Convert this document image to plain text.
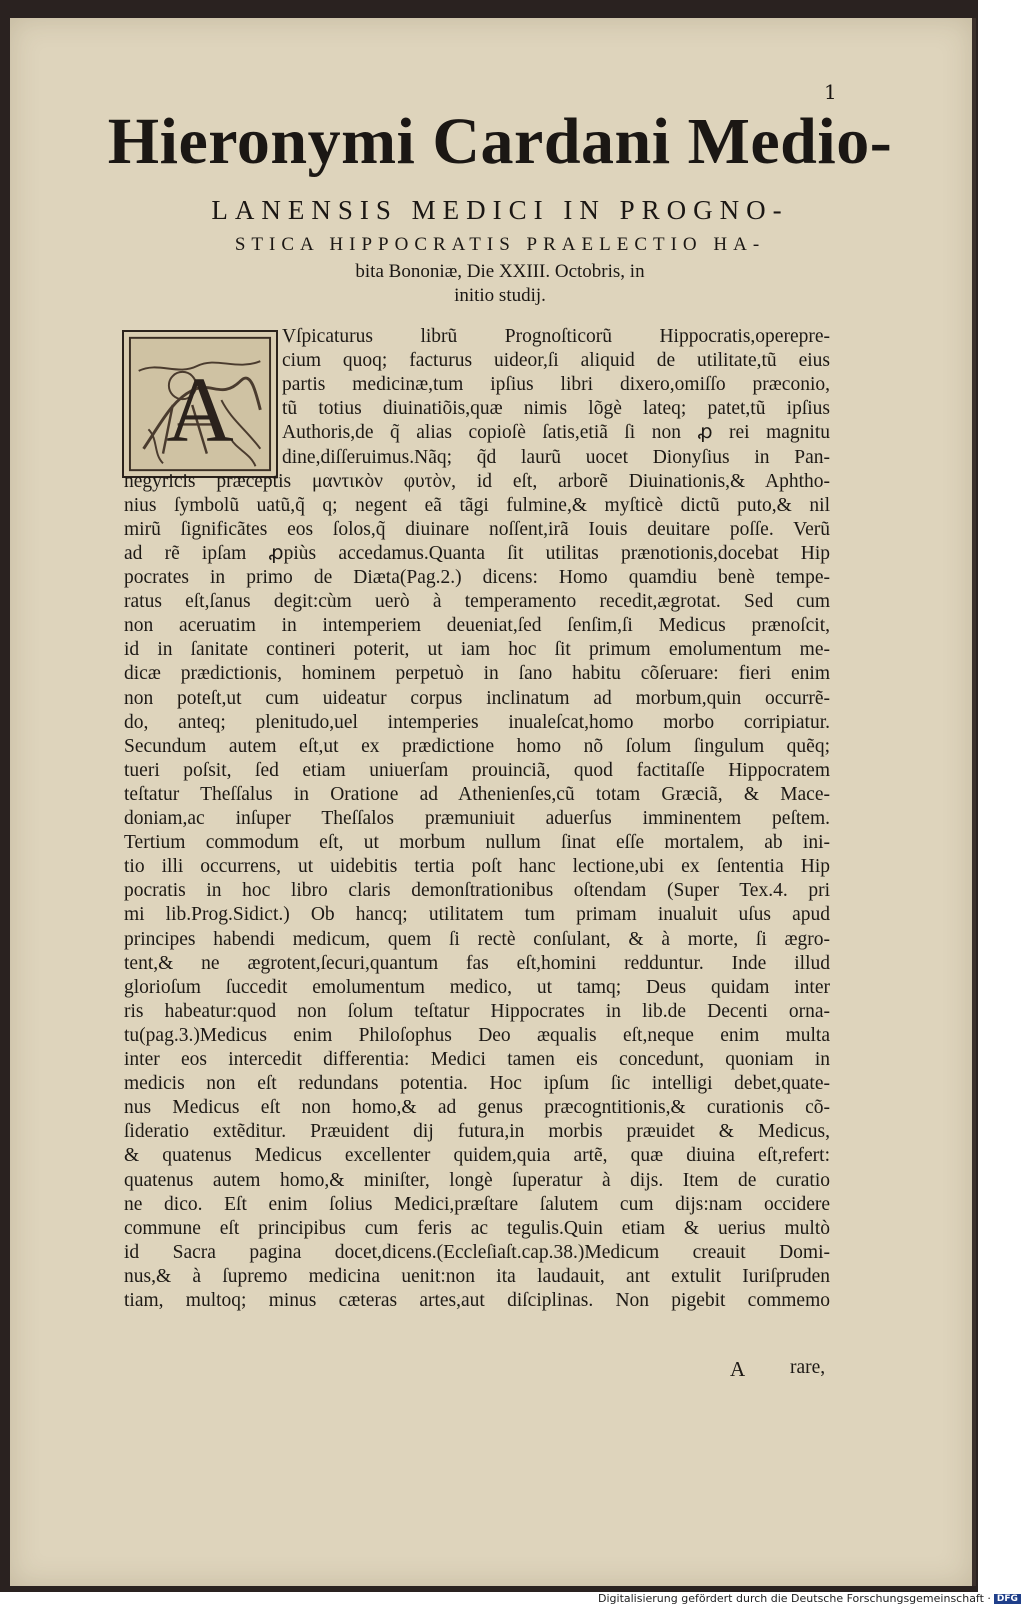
1
Hieronymi Cardani Medio-
LANENSIS MEDICI IN PROGNO-
STICA HIPPOCRATIS PRAELECTIO HA-
bita Bononiæ, Die XXIII. Octobris, in
initio studij.
A
Vſpicaturus librũ Prognoſticorũ Hippocratis,operepre-
cium quoq; facturus uideor,ſi aliquid de utilitate,tũ eius
partis medicinæ,tum ipſius libri dixero,omiſſo præconio,
tũ totius diuinatiõis,quæ nimis lõgè lateq; patet,tũ ipſius
Authoris,de q̃ alias copioſè ſatis,etiã ſi non ꝓ rei magnitu
dine,diſſeruimus.Nãq; q̃d laurũ uocet Dionyſius in Pan-
negyricis præceptis μαντικὸν φυτὸν, id eſt, arborẽ Diuinationis,& Aphtho-
nius ſymbolũ uatũ,q̃ q; negent eã tãgi fulmine,& myſticè dictũ puto,& nil
mirũ ſignificãtes eos ſolos,q̃ diuinare noſſent,irã Iouis deuitare poſſe. Verũ
ad rẽ ipſam ꝓpiùs accedamus.Quanta ſit utilitas prænotionis,docebat Hip
pocrates in primo de Diæta(Pag.2.) dicens: Homo quamdiu benè tempe-
ratus eſt,ſanus degit:cùm uerò à temperamento recedit,ægrotat. Sed cum
non aceruatim in intemperiem deueniat,ſed ſenſim,ſi Medicus prænoſcit,
id in ſanitate contineri poterit, ut iam hoc ſit primum emolumentum me-
dicæ prædictionis, hominem perpetuò in ſano habitu cõſeruare: fieri enim
non poteſt,ut cum uideatur corpus inclinatum ad morbum,quin occurrẽ-
do, anteq; plenitudo,uel intemperies inualeſcat,homo morbo corripiatur.
Secundum autem eſt,ut ex prædictione homo nõ ſolum ſingulum quẽq;
tueri poſsit, ſed etiam uniuerſam prouinciã, quod factitaſſe Hippocratem
teſtatur Theſſalus in Oratione ad Athenienſes,cũ totam Græciã, & Mace-
doniam,ac inſuper Theſſalos præmuniuit aduerſus imminentem peſtem.
Tertium commodum eſt, ut morbum nullum ſinat eſſe mortalem, ab ini-
tio illi occurrens, ut uidebitis tertia poſt hanc lectione,ubi ex ſententia Hip
pocratis in hoc libro claris demonſtrationibus oſtendam (Super Tex.4. pri
mi lib.Prog.Sidict.) Ob hancq; utilitatem tum primam inualuit uſus apud
principes habendi medicum, quem ſi rectè conſulant, & à morte, ſi ægro-
tent,& ne ægrotent,ſecuri,quantum fas eſt,homini redduntur. Inde illud
glorioſum ſuccedit emolumentum medico, ut tamq; Deus quidam inter
ris habeatur:quod non ſolum teſtatur Hippocrates in lib.de Decenti orna-
tu(pag.3.)Medicus enim Philoſophus Deo æqualis eſt,neque enim multa
inter eos intercedit differentia: Medici tamen eis concedunt, quoniam in
medicis non eſt redundans potentia. Hoc ipſum ſic intelligi debet,quate-
nus Medicus eſt non homo,& ad genus præcogntitionis,& curationis cõ-
ſideratio extẽditur. Præuident dij futura,in morbis præuidet & Medicus,
& quatenus Medicus excellenter quidem,quia artẽ, quæ diuina eſt,refert:
quatenus autem homo,& miniſter, longè ſuperatur à dijs. Item de curatio
ne dico. Eſt enim ſolius Medici,præſtare ſalutem cum dijs:nam occidere
commune eſt principibus cum feris ac tegulis.Quin etiam & uerius multò
id Sacra pagina docet,dicens.(Eccleſiaſt.cap.38.)Medicum creauit Domi-
nus,& à ſupremo medicina uenit:non ita laudauit, ant extulit Iuriſpruden
tiam, multoq; minus cæteras artes,aut diſciplinas. Non pigebit commemo
A rare,
Digitalisierung gefördert durch die Deutsche Forschungsgemeinschaft · DFG
